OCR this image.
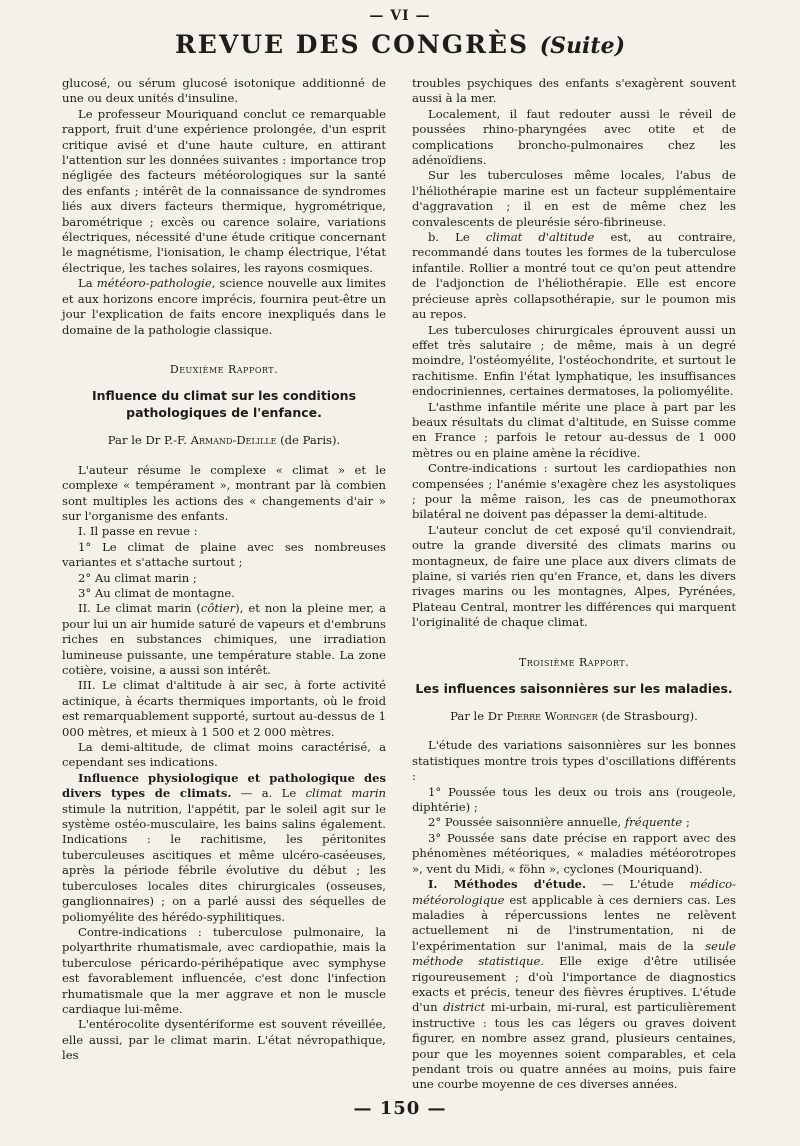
— VI —
REVUE DES CONGRÈS (Suite)

glucosé, ou sérum glucosé isotonique additionné de une ou deux unités d'insuline.

Le professeur Mouriquand conclut ce remarquable rapport, fruit d'une expérience prolongée, d'un esprit critique avisé et d'une haute culture, en attirant l'attention sur les données suivantes : importance trop négligée des facteurs météorologiques sur la santé des enfants ; intérêt de la connaissance de syndromes liés aux divers facteurs thermique, hygrométrique, barométrique ; excès ou carence solaire, variations électriques, nécessité d'une étude critique concernant le magnétisme, l'ionisation, le champ électrique, l'état électrique, les taches solaires, les rayons cosmiques.

La météoro-pathologie, science nouvelle aux limites et aux horizons encore imprécis, fournira peut-être un jour l'explication de faits encore inexpliqués dans le domaine de la pathologie classique.

Deuxième Rapport.

Influence du climat sur les conditions pathologiques de l'enfance.

Par le Dr P.-F. Armand-Delille (de Paris).

L'auteur résume le complexe « climat » et le complexe « tempérament », montrant par là combien sont multiples les actions des « changements d'air » sur l'organisme des enfants.

I. Il passe en revue :

1° Le climat de plaine avec ses nombreuses variantes et s'attache surtout ;

2° Au climat marin ;

3° Au climat de montagne.

II. Le climat marin (côtier), et non la pleine mer, a pour lui un air humide saturé de vapeurs et d'embruns riches en substances chimiques, une irradiation lumineuse puissante, une température stable. La zone cotière, voisine, a aussi son intérêt.

III. Le climat d'altitude à air sec, à forte activité actinique, à écarts thermiques importants, où le froid est remarquablement supporté, surtout au-dessus de 1 000 mètres, et mieux à 1 500 et 2 000 mètres.

La demi-altitude, de climat moins caractérisé, a cependant ses indications.

Influence physiologique et pathologique des divers types de climats. — a. Le climat marin stimule la nutrition, l'appétit, par le soleil agit sur le système ostéo-musculaire, les bains salins également. Indications : le rachitisme, les péritonites tuberculeuses ascitiques et même ulcéro-caséeuses, après la période fébrile évolutive du début ; les tuberculoses locales dites chirurgicales (osseuses, ganglionnaires) ; on a parlé aussi des séquelles de poliomyélite des hérédo-syphilitiques.

Contre-indications : tuberculose pulmonaire, la polyarthrite rhumatismale, avec cardiopathie, mais la tuberculose péricardo-périhépatique avec symphyse est favorablement influencée, c'est donc l'infection rhumatismale que la mer aggrave et non le muscle cardiaque lui-même.

L'entérocolite dysentériforme est souvent réveillée, elle aussi, par le climat marin. L'état névropathique, les

troubles psychiques des enfants s'exagèrent souvent aussi à la mer.

Localement, il faut redouter aussi le réveil de poussées rhino-pharyngées avec otite et de complications broncho-pulmonaires chez les adénoïdiens.

Sur les tuberculoses même locales, l'abus de l'héliothérapie marine est un facteur supplémentaire d'aggravation ; il en est de même chez les convalescents de pleurésie séro-fibrineuse.

b. Le climat d'altitude est, au contraire, recommandé dans toutes les formes de la tuberculose infantile. Rollier a montré tout ce qu'on peut attendre de l'adjonction de l'héliothérapie. Elle est encore précieuse après collapsothérapie, sur le poumon mis au repos.

Les tuberculoses chirurgicales éprouvent aussi un effet très salutaire ; de même, mais à un degré moindre, l'ostéomyélite, l'ostéochondrite, et surtout le rachitisme. Enfin l'état lymphatique, les insuffisances endocriniennes, certaines dermatoses, la poliomyélite.

L'asthme infantile mérite une place à part par les beaux résultats du climat d'altitude, en Suisse comme en France ; parfois le retour au-dessus de 1 000 mètres ou en plaine amène la récidive.

Contre-indications : surtout les cardiopathies non compensées ; l'anémie s'exagère chez les asystoliques ; pour la même raison, les cas de pneumothorax bilatéral ne doivent pas dépasser la demi-altitude.

L'auteur conclut de cet exposé qu'il conviendrait, outre la grande diversité des climats marins ou montagneux, de faire une place aux divers climats de plaine, si variés rien qu'en France, et, dans les divers rivages marins ou les montagnes, Alpes, Pyrénées, Plateau Central, montrer les différences qui marquent l'originalité de chaque climat.

Troisième Rapport.

Les influences saisonnières sur les maladies.

Par le Dr Pierre Woringer (de Strasbourg).

L'étude des variations saisonnières sur les bonnes statistiques montre trois types d'oscillations différents :

1° Poussée tous les deux ou trois ans (rougeole, diphtérie) ;

2° Poussée saisonnière annuelle, fréquente ;

3° Poussée sans date précise en rapport avec des phénomènes météoriques, « maladies météorotropes », vent du Midi, « föhn », cyclones (Mouriquand).

I. Méthodes d'étude. — L'étude médico-météorologique est applicable à ces derniers cas. Les maladies à répercussions lentes ne relèvent actuellement ni de l'instrumentation, ni de l'expérimentation sur l'animal, mais de la seule méthode statistique. Elle exige d'être utilisée rigoureusement ; d'où l'importance de diagnostics exacts et précis, teneur des fièvres éruptives. L'étude d'un district mi-urbain, mi-rural, est particulièrement instructive : tous les cas légers ou graves doivent figurer, en nombre assez grand, plusieurs centaines, pour que les moyennes soient comparables, et cela pendant trois ou quatre années au moins, puis faire une courbe moyenne de ces diverses années.

— 150 —
